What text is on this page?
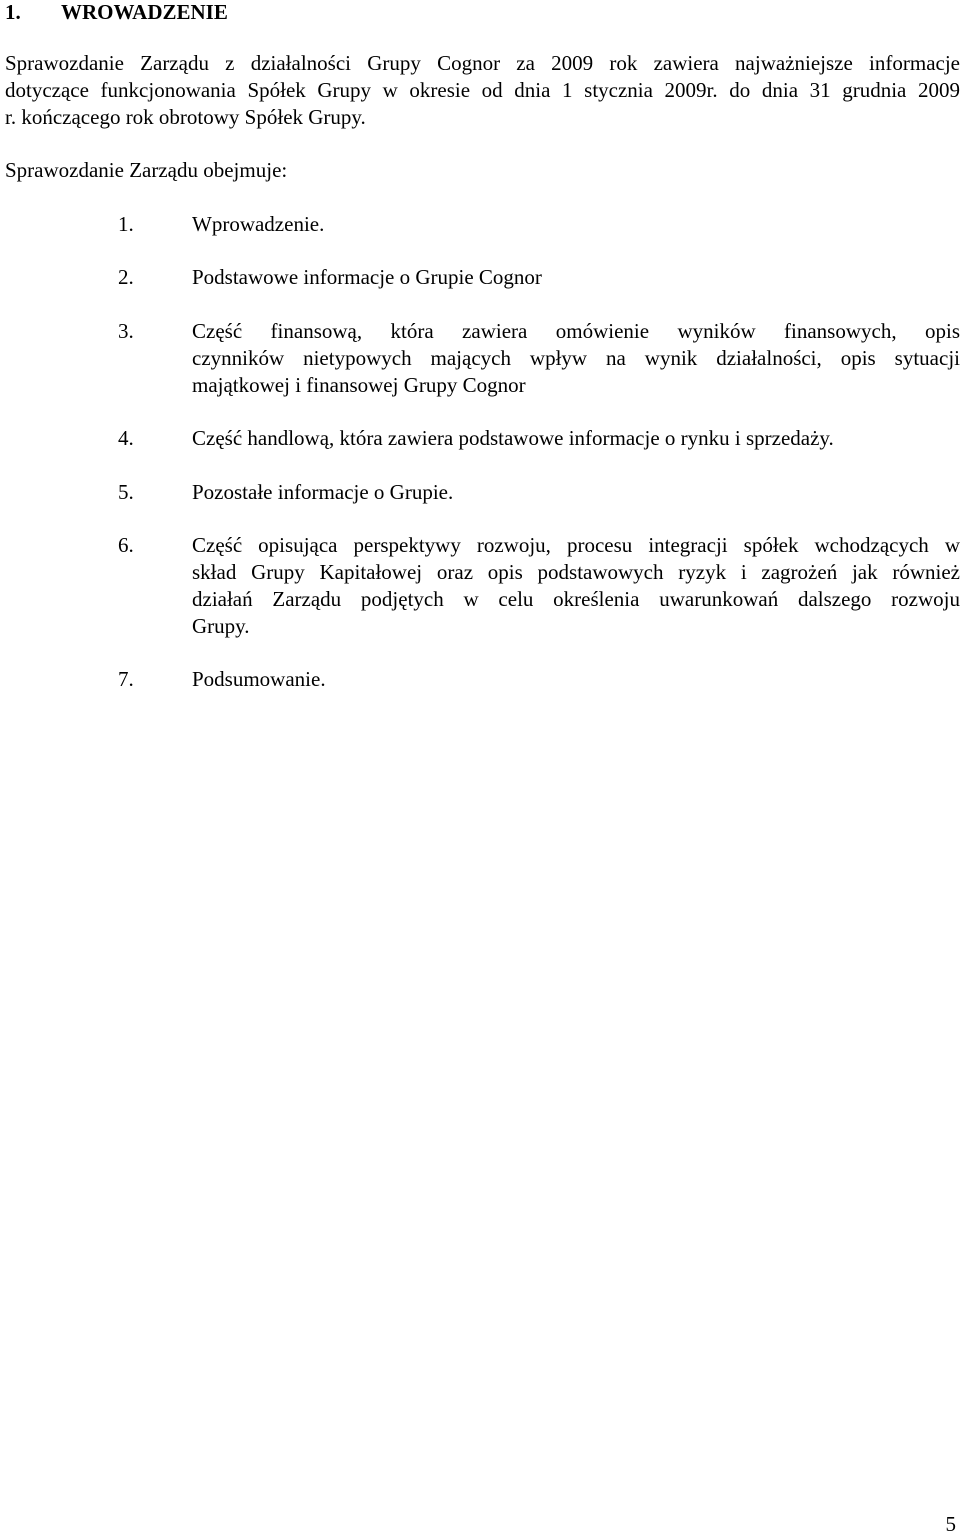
1. WROWADZENIE

Sprawozdanie Zarządu z działalności Grupy Cognor za 2009 rok zawiera najważniejsze informacje
dotyczące funkcjonowania Spółek Grupy w okresie od dnia 1 stycznia 2009r. do dnia 31 grudnia 2009
r. kończącego rok obrotowy Spółek Grupy.

Sprawozdanie Zarządu obejmuje:

1.	Wprowadzenie.
2.	Podstawowe informacje o Grupie Cognor
3.	Część finansową, która zawiera omówienie wyników finansowych, opis
czynników nietypowych mających wpływ na wynik działalności, opis sytuacji
majątkowej i finansowej Grupy Cognor
4.	Część handlową, która zawiera podstawowe informacje o rynku i sprzedaży.
5.	Pozostałe informacje o Grupie.
6.	Część opisująca perspektywy rozwoju, procesu integracji spółek wchodzących w
skład Grupy Kapitałowej oraz opis podstawowych ryzyk i zagrożeń jak również
działań Zarządu podjętych w celu określenia uwarunkowań dalszego rozwoju
Grupy.
7.	Podsumowanie.
5
